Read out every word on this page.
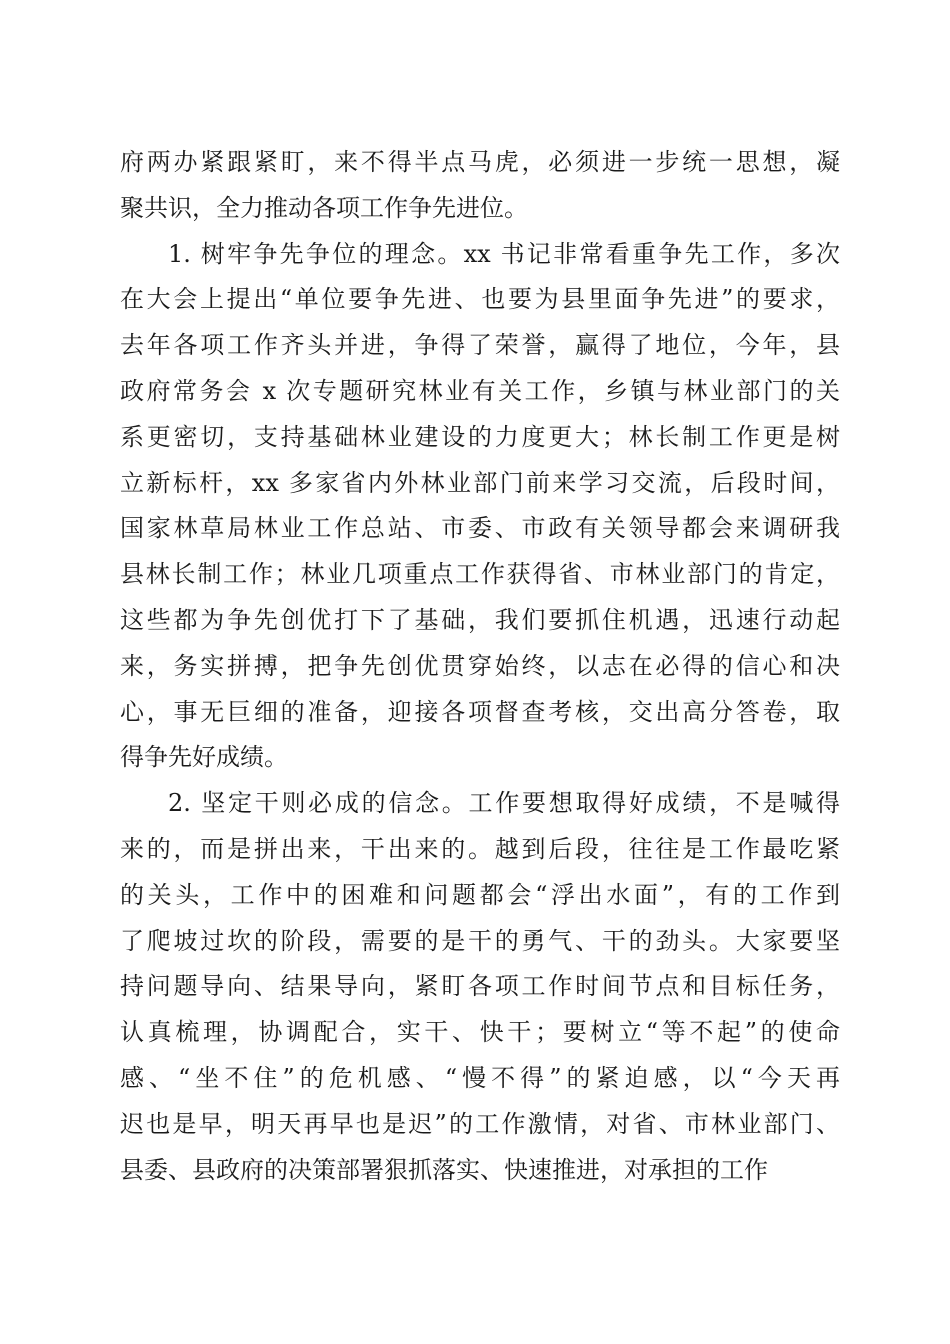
府两办紧跟紧盯，来不得半点马虎，必须进一步统一思想，凝
聚共识，全力推动各项工作争先进位。
1. 树牢争先争位的理念。xx 书记非常看重争先工作，多次
在大会上提出“单位要争先进、也要为县里面争先进”的要求，
去年各项工作齐头并进，争得了荣誉，赢得了地位，今年，县
政府常务会 x 次专题研究林业有关工作，乡镇与林业部门的关
系更密切，支持基础林业建设的力度更大；林长制工作更是树
立新标杆，xx 多家省内外林业部门前来学习交流，后段时间，
国家林草局林业工作总站、市委、市政有关领导都会来调研我
县林长制工作；林业几项重点工作获得省、市林业部门的肯定，
这些都为争先创优打下了基础，我们要抓住机遇，迅速行动起
来，务实拼搏，把争先创优贯穿始终，以志在必得的信心和决
心，事无巨细的准备，迎接各项督查考核，交出高分答卷，取
得争先好成绩。
2. 坚定干则必成的信念。工作要想取得好成绩，不是喊得
来的，而是拼出来，干出来的。越到后段，往往是工作最吃紧
的关头，工作中的困难和问题都会“浮出水面”，有的工作到
了爬坡过坎的阶段，需要的是干的勇气、干的劲头。大家要坚
持问题导向、结果导向，紧盯各项工作时间节点和目标任务，
认真梳理，协调配合，实干、快干；要树立“等不起”的使命
感、“坐不住”的危机感、“慢不得”的紧迫感，以“今天再
迟也是早，明天再早也是迟”的工作激情，对省、市林业部门、
县委、县政府的决策部署狠抓落实、快速推进，对承担的工作
